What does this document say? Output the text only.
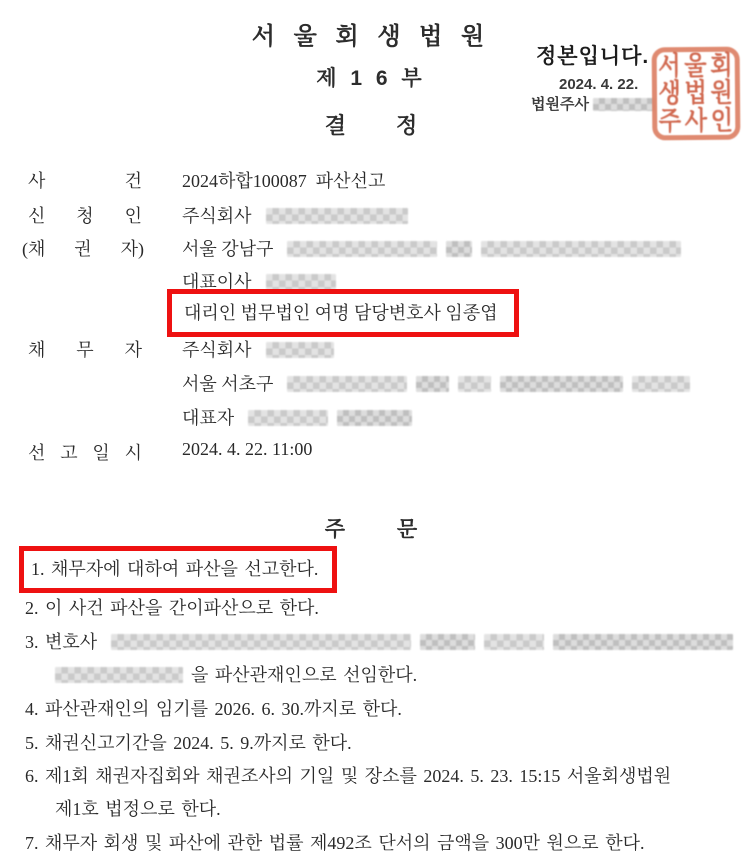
서 울 회 생 법 원
제 1 6 부
결 정
정본입니다.
2024. 4. 22.
법원주사
서 울 회
생 법 원
주 사 인
사 건 2024하합100087  파산선고
신 청 인 주식회사
(채 권 자) 서울 강남구
대표이사
대리인 법무법인 여명 담당변호사 임종엽
채 무 자 주식회사
서울 서초구
대표자
선 고 일 시 2024. 4. 22. 11:00
주 문
1. 채무자에 대하여 파산을 선고한다.
2. 이 사건 파산을 간이파산으로 한다.
3. 변호사
을 파산관재인으로 선임한다.
4. 파산관재인의 임기를 2026. 6. 30.까지로 한다.
5. 채권신고기간을 2024. 5. 9.까지로 한다.
6. 제1회 채권자집회와 채권조사의 기일 및 장소를 2024. 5. 23. 15:15 서울회생법원
제1호 법정으로 한다.
7. 채무자 회생 및 파산에 관한 법률 제492조 단서의 금액을 300만 원으로 한다.
